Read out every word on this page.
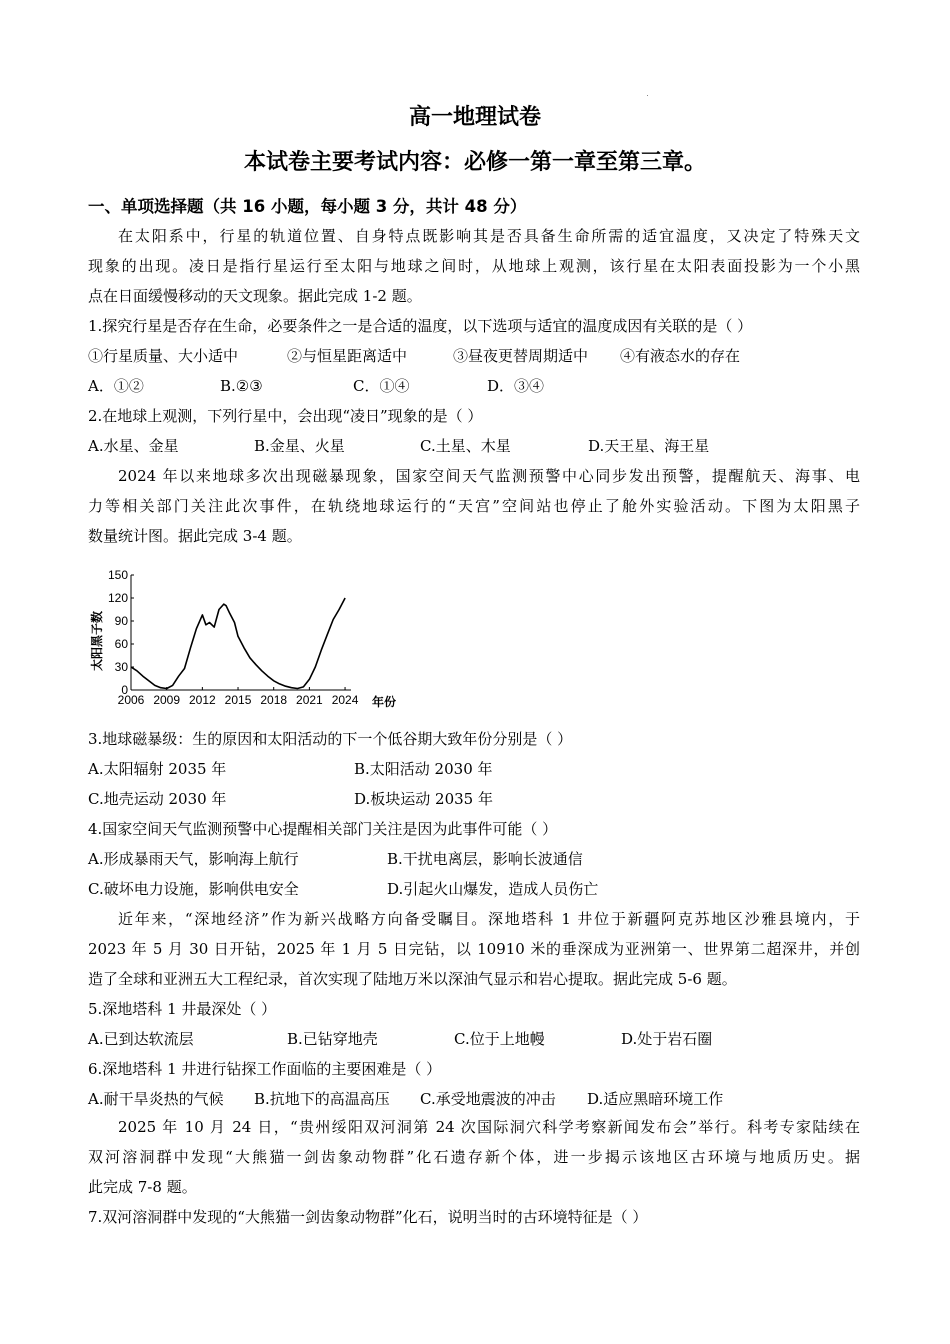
高一地理试卷
本试卷主要考试内容：必修一第一章至第三章。
一、单项选择题（共 16 小题，每小题 3 分，共计 48 分）
在太阳系中，行星的轨道位置、自身特点既影响其是否具备生命所需的适宜温度，又决定了特殊天文
现象的出现。凌日是指行星运行至太阳与地球之间时，从地球上观测，该行星在太阳表面投影为一个小黑
点在日面缓慢移动的天文现象。据此完成 1-2 题。
1.探究行星是否存在生命，必要条件之一是合适的温度，以下选项与适宜的温度成因有关联的是（ ）
①行星质量、大小适中	②与恒星距离适中	③昼夜更替周期适中 ④有液态水的存在
A．①②	B.②③	C．①④	D．③④
2.在地球上观测，下列行星中，会出现“凌日”现象的是（ ）
A.水星、金星	B.金星、火星	C.土星、木星	D.天王星、海王星
2024 年以来地球多次出现磁暴现象，国家空间天气监测预警中心同步发出预警，提醒航天、海事、电
力等相关部门关注此次事件，在轨绕地球运行的“天宫”空间站也停止了舱外实验活动。下图为太阳黑子
数量统计图。据此完成 3-4 题。
0
30
60
90
120
150
2006 2009 2012 2015 2018 2021 2024
太阳黑子数
年份
3.地球磁暴级：生的原因和太阳活动的下一个低谷期大致年份分别是（ ）
A.太阳辐射 2035 年	B.太阳活动 2030 年
C.地壳运动 2030 年	D.板块运动 2035 年
4.国家空间天气监测预警中心提醒相关部门关注是因为此事件可能（ ）
A.形成暴雨天气，影响海上航行	B.干扰电离层，影响长波通信
C.破坏电力设施，影响供电安全	D.引起火山爆发，造成人员伤亡
近年来，“深地经济”作为新兴战略方向备受瞩目。深地塔科 1 井位于新疆阿克苏地区沙雅县境内，于
2023 年 5 月 30 日开钻，2025 年 1 月 5 日完钻，以 10910 米的垂深成为亚洲第一、世界第二超深井，并创
造了全球和亚洲五大工程纪录，首次实现了陆地万米以深油气显示和岩心提取。据此完成 5-6 题。
5.深地塔科 1 井最深处（ ）
A.已到达软流层	B.已钻穿地壳	C.位于上地幔	D.处于岩石圈
6.深地塔科 1 井进行钻探工作面临的主要困难是（ ）
A.耐干旱炎热的气候 B.抗地下的高温高压 C.承受地震波的冲击 D.适应黑暗环境工作
2025 年 10 月 24 日，“贵州绥阳双河洞第 24 次国际洞穴科学考察新闻发布会”举行。科考专家陆续在
双河溶洞群中发现“大熊猫一剑齿象动物群”化石遗存新个体，进一步揭示该地区古环境与地质历史。据
此完成 7-8 题。
7.双河溶洞群中发现的“大熊猫一剑齿象动物群”化石，说明当时的古环境特征是（ ）
